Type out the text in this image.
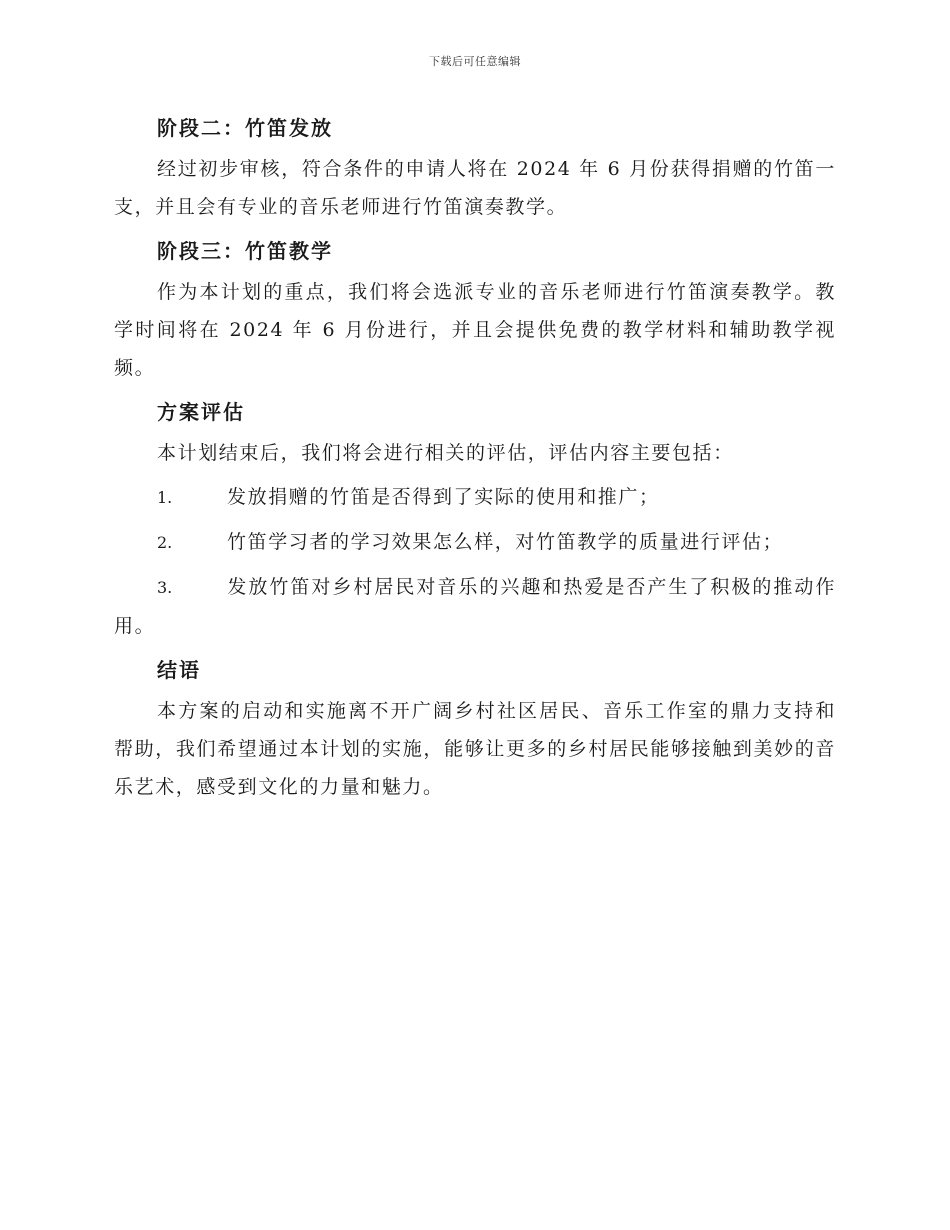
下载后可任意编辑
阶段二：竹笛发放

经过初步审核，符合条件的申请人将在 2024 年 6 月份获得捐赠的竹笛一支，并且会有专业的音乐老师进行竹笛演奏教学。

阶段三：竹笛教学

作为本计划的重点，我们将会选派专业的音乐老师进行竹笛演奏教学。教学时间将在 2024 年 6 月份进行，并且会提供免费的教学材料和辅助教学视频。

方案评估

本计划结束后，我们将会进行相关的评估，评估内容主要包括：

1.	发放捐赠的竹笛是否得到了实际的使用和推广；

2.	竹笛学习者的学习效果怎么样，对竹笛教学的质量进行评估；

3.	发放竹笛对乡村居民对音乐的兴趣和热爱是否产生了积极的推动作用。

结语

本方案的启动和实施离不开广阔乡村社区居民、音乐工作室的鼎力支持和帮助，我们希望通过本计划的实施，能够让更多的乡村居民能够接触到美妙的音乐艺术，感受到文化的力量和魅力。
